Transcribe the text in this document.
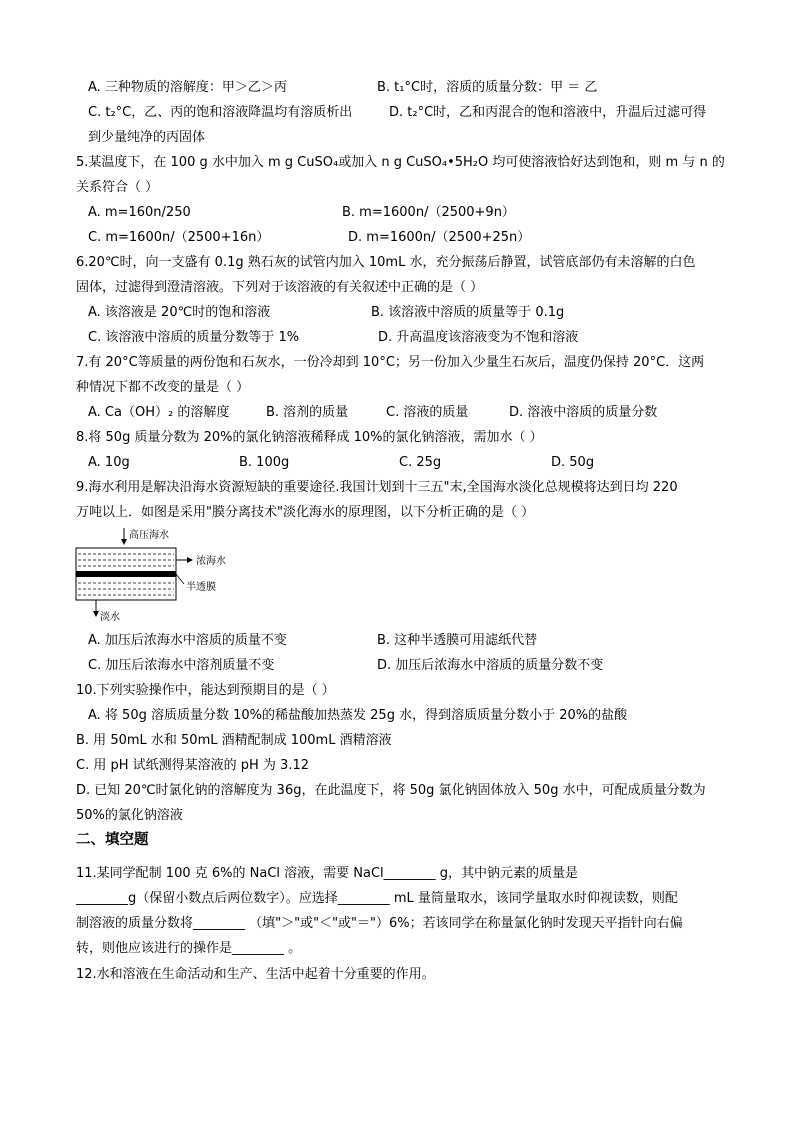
A. 三种物质的溶解度：甲＞乙＞丙	B. t₁°C时，溶质的质量分数：甲 ＝ 乙
C. t₂°C，乙、丙的饱和溶液降温均有溶质析出	D. t₂°C时，乙和丙混合的饱和溶液中，升温后过滤可得
到少量纯净的丙固体
5.某温度下，在 100 g 水中加入 m g CuSO₄或加入 n g CuSO₄•5H₂O 均可使溶液恰好达到饱和，则 m 与 n 的
关系符合（ ）
A. m=160n/250	B. m=1600n/（2500+9n）
C. m=1600n/（2500+16n）	D. m=1600n/（2500+25n）
6.20℃时，向一支盛有 0.1g 熟石灰的试管内加入 10mL 水，充分振荡后静置，试管底部仍有未溶解的白色
固体，过滤得到澄清溶液。下列对于该溶液的有关叙述中正确的是（ ）
A. 该溶液是 20℃时的饱和溶液	B. 该溶液中溶质的质量等于 0.1g
C. 该溶液中溶质的质量分数等于 1%	D. 升高温度该溶液变为不饱和溶液
7.有 20°C等质量的两份饱和石灰水，一份冷却到 10°C；另一份加入少量生石灰后，温度仍保持 20°C．这两
种情况下都不改变的量是（ ）
A. Ca（OH）₂ 的溶解度	B. 溶剂的质量	C. 溶液的质量	D. 溶液中溶质的质量分数
8.将 50g 质量分数为 20%的氯化钠溶液稀释成 10%的氯化钠溶液，需加水（ ）
A. 10g	B. 100g	C. 25g	D. 50g
9.海水利用是解决沿海水资源短缺的重要途径.我国计划到十三五"末,全国海水淡化总规模将达到日均 220
万吨以上．如图是采用"膜分离技术"淡化海水的原理图，以下分析正确的是（ ）
高压海水
浓海水
半透膜
淡水
A. 加压后浓海水中溶质的质量不变	B. 这种半透膜可用滤纸代替
C. 加压后浓海水中溶剂质量不变	D. 加压后浓海水中溶质的质量分数不变
10.下列实验操作中，能达到预期目的是（ ）
A. 将 50g 溶质质量分数 10%的稀盐酸加热蒸发 25g 水，得到溶质质量分数小于 20%的盐酸
B. 用 50mL 水和 50mL 酒精配制成 100mL 酒精溶液
C. 用 pH 试纸测得某溶液的 pH 为 3.12
D. 已知 20℃时氯化钠的溶解度为 36g，在此温度下，将 50g 氯化钠固体放入 50g 水中，可配成质量分数为
50%的氯化钠溶液
二、填空题
11.某同学配制 100 克 6%的 NaCl 溶液，需要 NaCl________ g，其中钠元素的质量是
________g（保留小数点后两位数字）。应选择________ mL 量筒量取水，该同学量取水时仰视读数，则配
制溶液的质量分数将________ （填"＞"或"＜"或"＝"）6%；若该同学在称量氯化钠时发现天平指针向右偏
转，则他应该进行的操作是________ 。
12.水和溶液在生命活动和生产、生活中起着十分重要的作用。
